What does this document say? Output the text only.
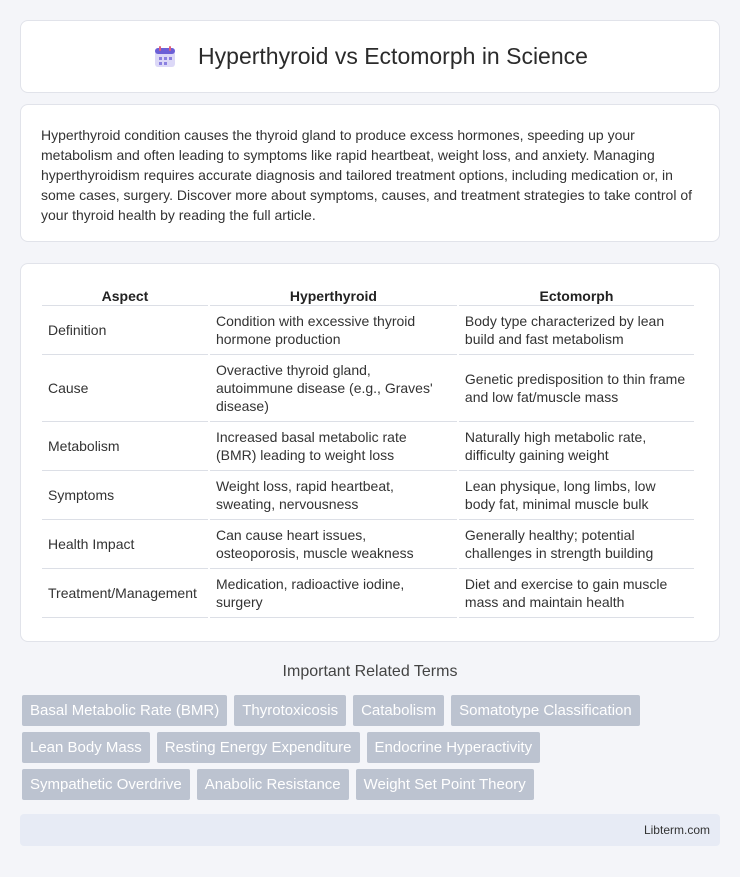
Hyperthyroid vs Ectomorph in Science

Hyperthyroid condition causes the thyroid gland to produce excess hormones, speeding up your metabolism and often leading to symptoms like rapid heartbeat, weight loss, and anxiety. Managing hyperthyroidism requires accurate diagnosis and tailored treatment options, including medication or, in some cases, surgery. Discover more about symptoms, causes, and treatment strategies to take control of your thyroid health by reading the full article.

Aspect	Hyperthyroid	Ectomorph
Definition	Condition with excessive thyroid hormone production	Body type characterized by lean build and fast metabolism
Cause	Overactive thyroid gland, autoimmune disease (e.g., Graves' disease)	Genetic predisposition to thin frame and low fat/muscle mass
Metabolism	Increased basal metabolic rate (BMR) leading to weight loss	Naturally high metabolic rate, difficulty gaining weight
Symptoms	Weight loss, rapid heartbeat, sweating, nervousness	Lean physique, long limbs, low body fat, minimal muscle bulk
Health Impact	Can cause heart issues, osteoporosis, muscle weakness	Generally healthy; potential challenges in strength building
Treatment/Management	Medication, radioactive iodine, surgery	Diet and exercise to gain muscle mass and maintain health
Important Related Terms
Basal Metabolic Rate (BMR)	Thyrotoxicosis	Catabolism	Somatotype Classification
Lean Body Mass	Resting Energy Expenditure	Endocrine Hyperactivity
Sympathetic Overdrive	Anabolic Resistance	Weight Set Point Theory
Libterm.com
